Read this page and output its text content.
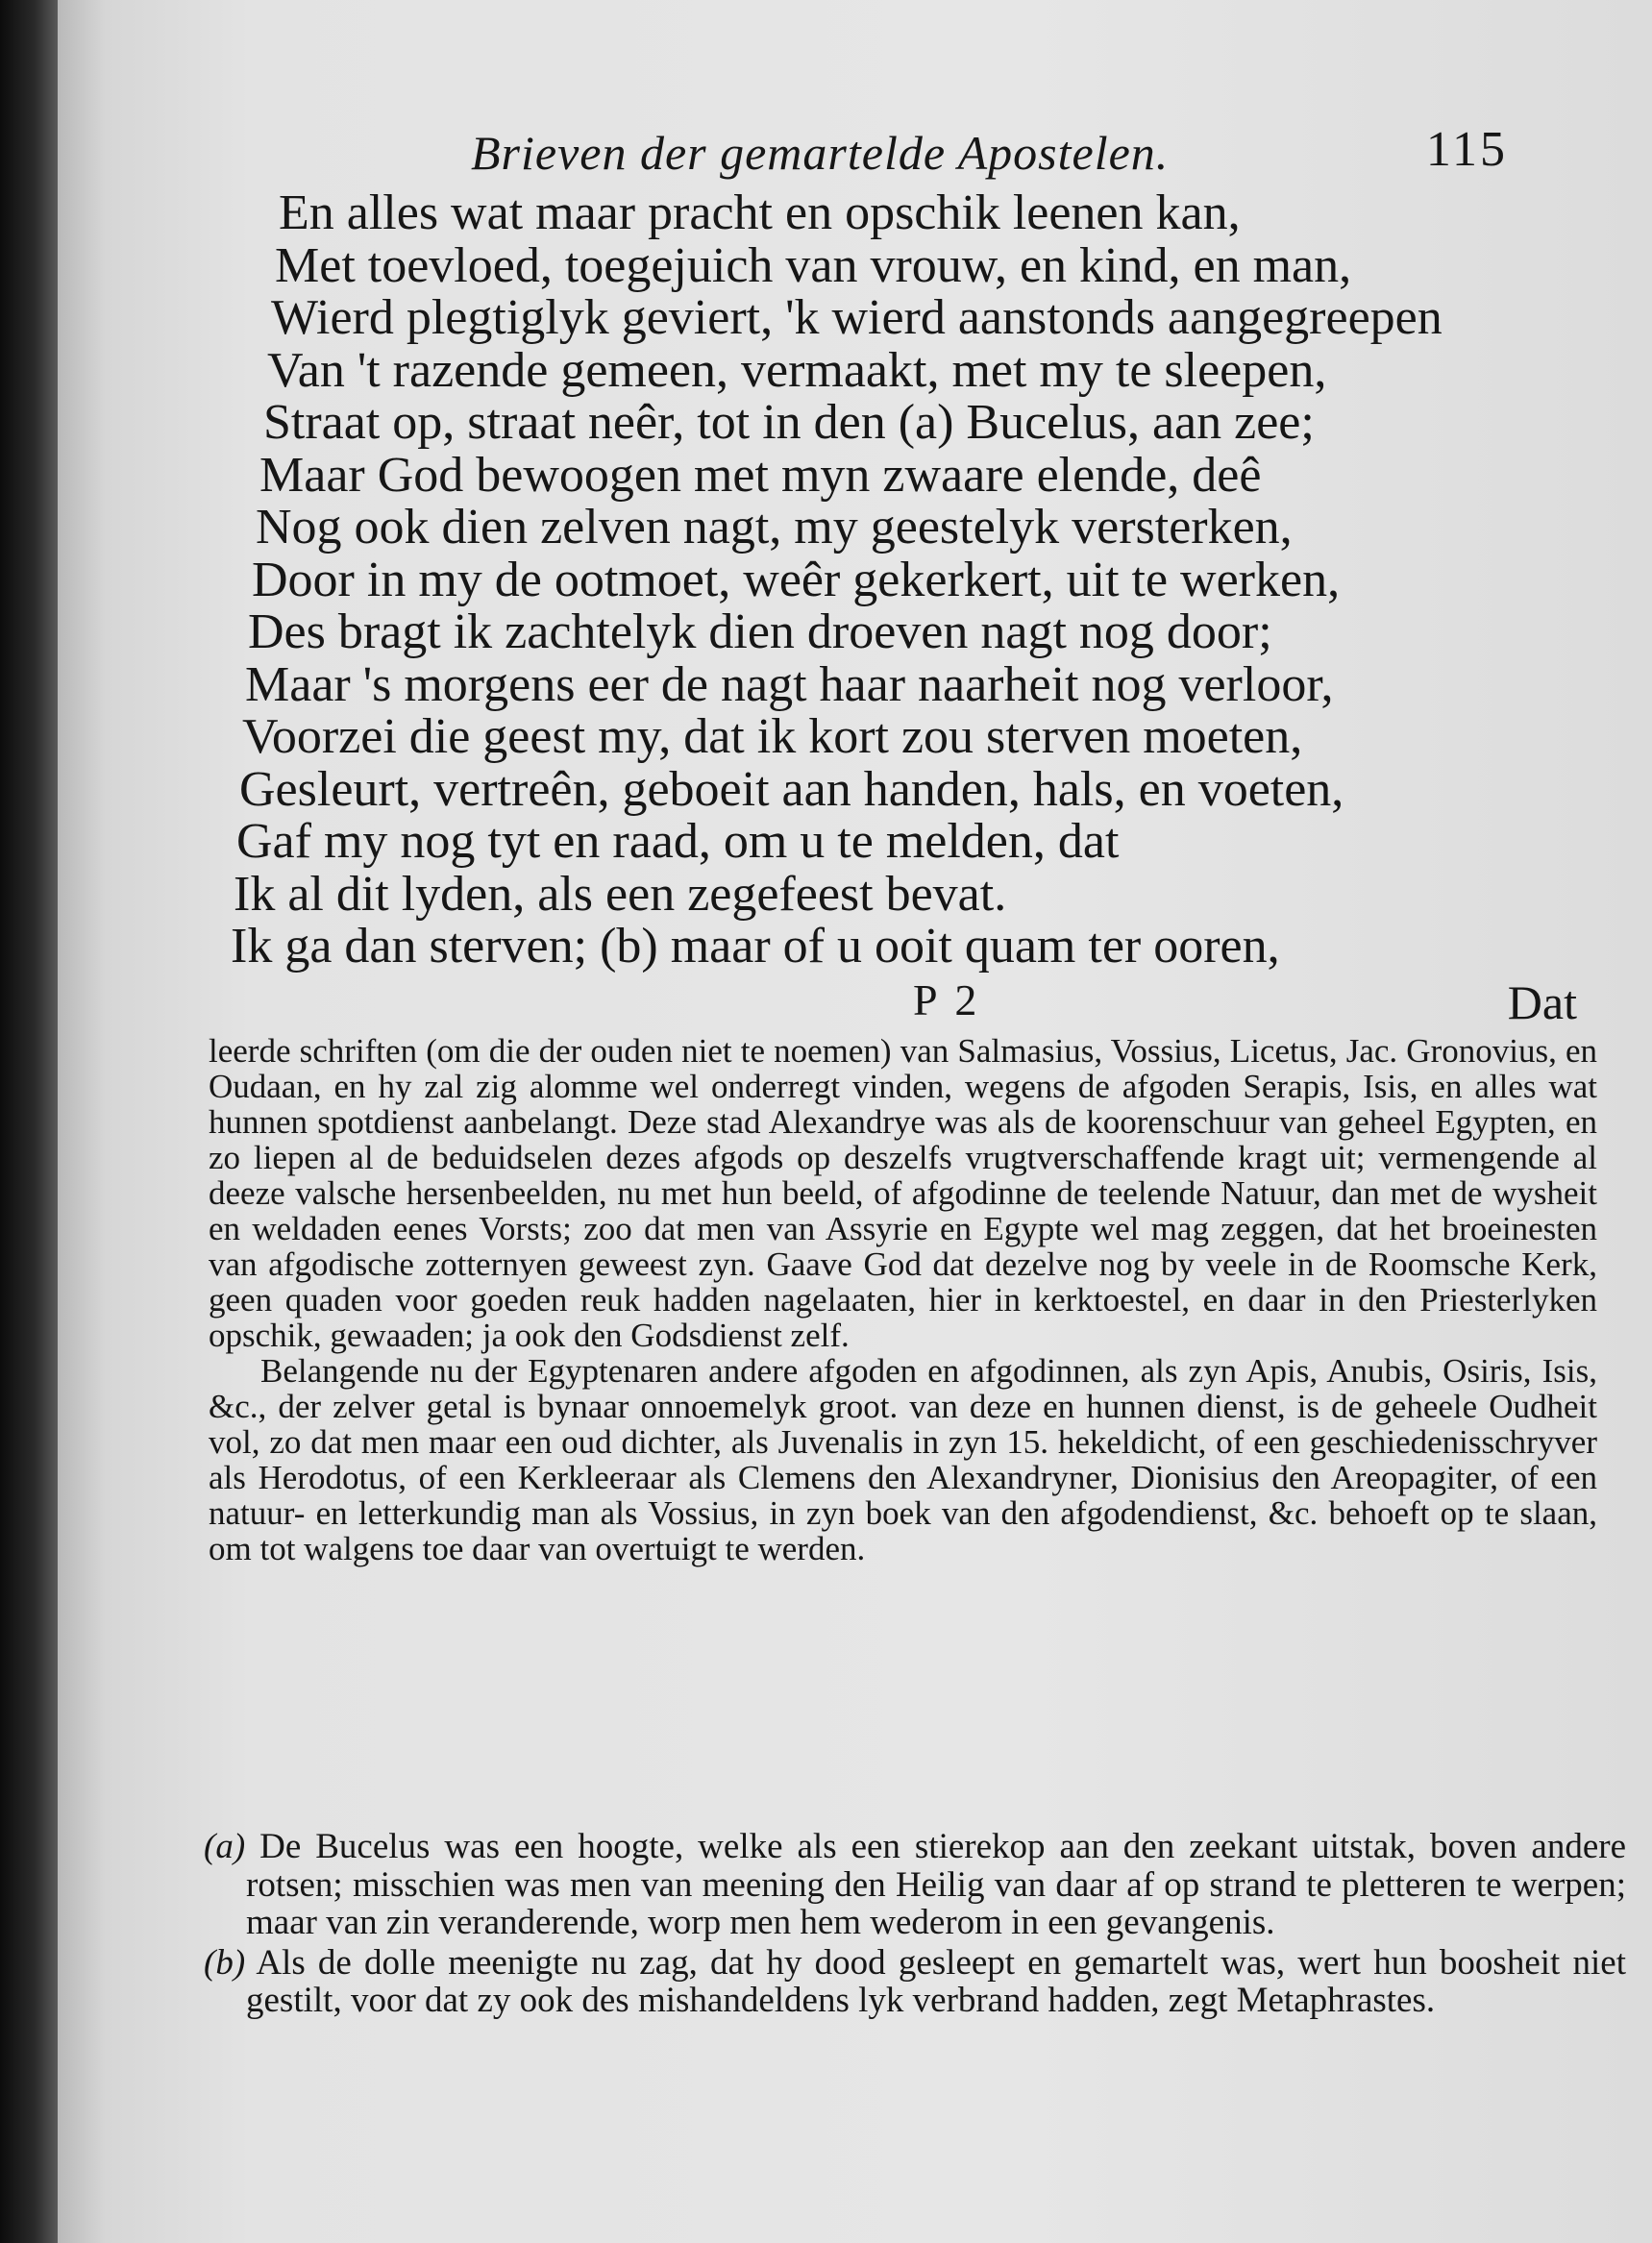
Brieven der gemartelde Apostelen.	115
En alles wat maar pracht en opschik leenen kan,
Met toevloed, toegejuich van vrouw, en kind, en man,
Wierd plegtiglyk geviert, 'k wierd aanstonds aangegreepen
Van 't razende gemeen, vermaakt, met my te sleepen,
Straat op, straat neêr, tot in den (a) Bucelus, aan zee;
Maar God bewoogen met myn zwaare elende, deê
Nog ook dien zelven nagt, my geestelyk versterken,
Door in my de ootmoet, weêr gekerkert, uit te werken,
Des bragt ik zachtelyk dien droeven nagt nog door;
Maar 's morgens eer de nagt haar naarheit nog verloor,
Voorzei die geest my, dat ik kort zou sterven moeten,
Gesleurt, vertreên, geboeit aan handen, hals, en voeten,
Gaf my nog tyt en raad, om u te melden, dat
Ik al dit lyden, als een zegefeest bevat.
Ik ga dan sterven; (b) maar of u ooit quam ter ooren,
P 2	Dat

leerde schriften (om die der ouden niet te noemen) van Salmasius, Vossius, Licetus, Jac. Gronovius, en Oudaan, en hy zal zig alomme wel onderregt vinden, wegens de afgoden Serapis, Isis, en alles wat hunnen spotdienst aanbelangt. Deze stad Alexandrye was als de koorenschuur van geheel Egypten, en zo liepen al de beduidselen dezes afgods op deszelfs vrugtverschaffende kragt uit; vermengende al deeze valsche hersenbeelden, nu met hun beeld, of afgodinne de teelende Natuur, dan met de wysheit en weldaden eenes Vorsts; zoo dat men van Assyrie en Egypte wel mag zeggen, dat het broeinesten van afgodische zotternyen geweest zyn. Gaave God dat dezelve nog by veele in de Roomsche Kerk, geen quaden voor goeden reuk hadden nagelaaten, hier in kerktoestel, en daar in den Priesterlyken opschik, gewaaden; ja ook den Godsdienst zelf.

Belangende nu der Egyptenaren andere afgoden en afgodinnen, als zyn Apis, Anubis, Osiris, Isis, &c., der zelver getal is bynaar onnoemelyk groot. van deze en hunnen dienst, is de geheele Oudheit vol, zo dat men maar een oud dichter, als Juvenalis in zyn 15. hekeldicht, of een geschiedenisschryver als Herodotus, of een Kerkleeraar als Clemens den Alexandryner, Dionisius den Areopagiter, of een natuur- en letterkundig man als Vossius, in zyn boek van den afgodendienst, &c. behoeft op te slaan, om tot walgens toe daar van overtuigt te werden.

(a) De Bucelus was een hoogte, welke als een stierekop aan den zeekant uitstak, boven andere rotsen; misschien was men van meening den Heilig van daar af op strand te pletteren te werpen; maar van zin veranderende, worp men hem wederom in een gevangenis.

(b) Als de dolle meenigte nu zag, dat hy dood gesleept en gemartelt was, wert hun boosheit niet gestilt, voor dat zy ook des mishandeldens lyk verbrand hadden, zegt Metaphrastes.
